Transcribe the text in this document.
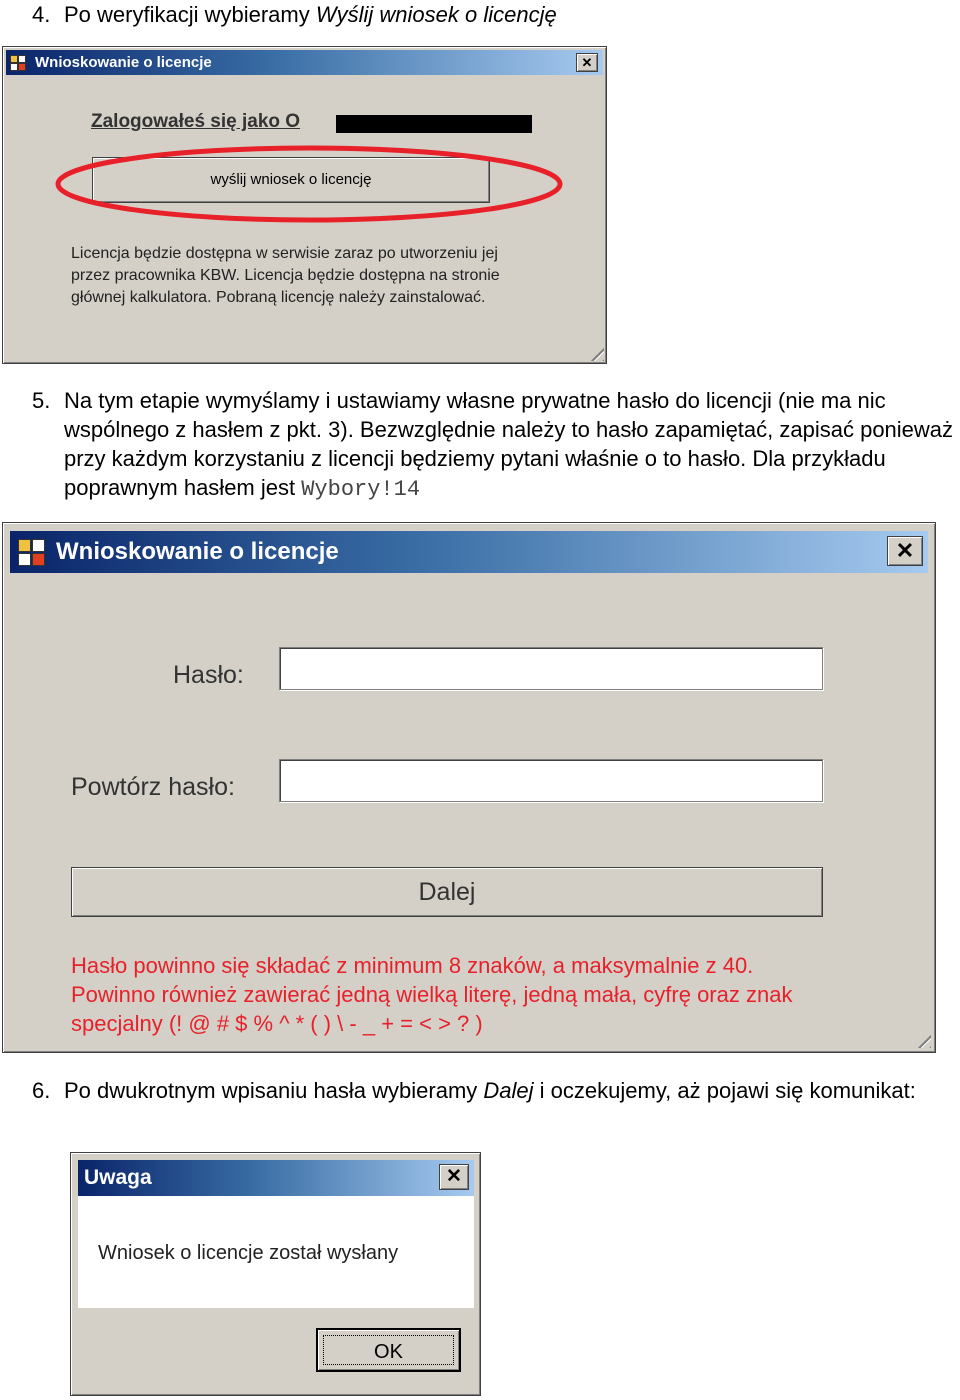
4. Po weryfikacji wybieramy Wyślij wniosek o licencję
Wnioskowanie o licencje	✕
Zalogowałeś się jako O
wyślij wniosek o licencję
Licencja będzie dostępna w serwisie zaraz po utworzeniu jej przez pracownika KBW. Licencja będzie dostępna na stronie głównej kalkulatora. Pobraną licencję należy zainstalować.
5. Na tym etapie wymyślamy i ustawiamy własne prywatne hasło do licencji (nie ma nic wspólnego z hasłem z pkt. 3). Bezwzględnie należy to hasło zapamiętać, zapisać ponieważ przy każdym korzystaniu z licencji będziemy pytani właśnie o to hasło. Dla przykładu poprawnym hasłem jest Wybory!14
Wnioskowanie o licencje	✕
Hasło:
Powtórz hasło:
Dalej
Hasło powinno się składać z minimum 8 znaków, a maksymalnie z 40. Powinno również zawierać jedną wielką literę, jedną mała, cyfrę oraz znak specjalny (! @ # $ % ^ * ( ) \ - _ + = < > ? )
6. Po dwukrotnym wpisaniu hasła wybieramy Dalej i oczekujemy, aż pojawi się komunikat:
Uwaga	✕
Wniosek o licencje został wysłany
OK
